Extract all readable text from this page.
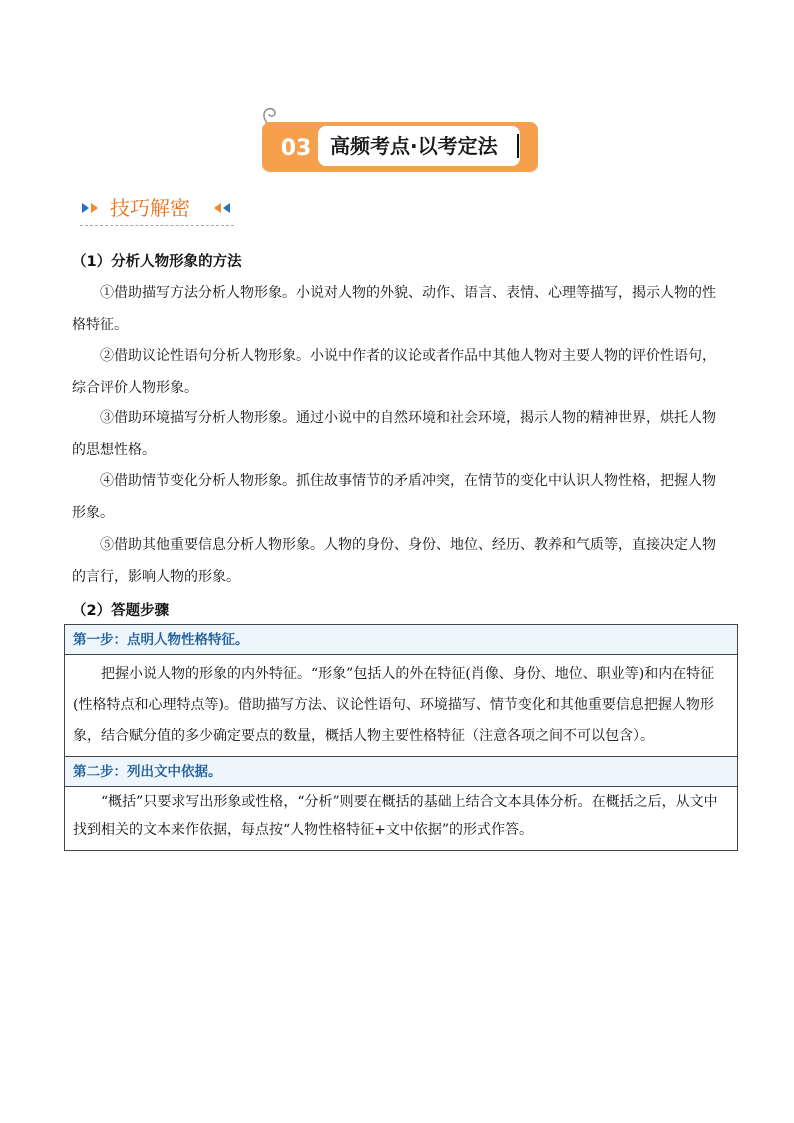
03 高频考点·以考定法
技巧解密
（1）分析人物形象的方法
①借助描写方法分析人物形象。小说对人物的外貌、动作、语言、表情、心理等描写，揭示人物的性格特征。
②借助议论性语句分析人物形象。小说中作者的议论或者作品中其他人物对主要人物的评价性语句，综合评价人物形象。
③借助环境描写分析人物形象。通过小说中的自然环境和社会环境，揭示人物的精神世界，烘托人物的思想性格。
④借助情节变化分析人物形象。抓住故事情节的矛盾冲突，在情节的变化中认识人物性格，把握人物形象。
⑤借助其他重要信息分析人物形象。人物的身份、身份、地位、经历、教养和气质等，直接决定人物的言行，影响人物的形象。
（2）答题步骤
第一步：点明人物性格特征。
把握小说人物的形象的内外特征。“形象”包括人的外在特征(肖像、身份、地位、职业等)和内在特征(性格特点和心理特点等)。借助描写方法、议论性语句、环境描写、情节变化和其他重要信息把握人物形象，结合赋分值的多少确定要点的数量，概括人物主要性格特征（注意各项之间不可以包含）。
第二步：列出文中依据。
“概括”只要求写出形象或性格，“分析”则要在概括的基础上结合文本具体分析。在概括之后，从文中找到相关的文本来作依据，每点按“人物性格特征+文中依据”的形式作答。
